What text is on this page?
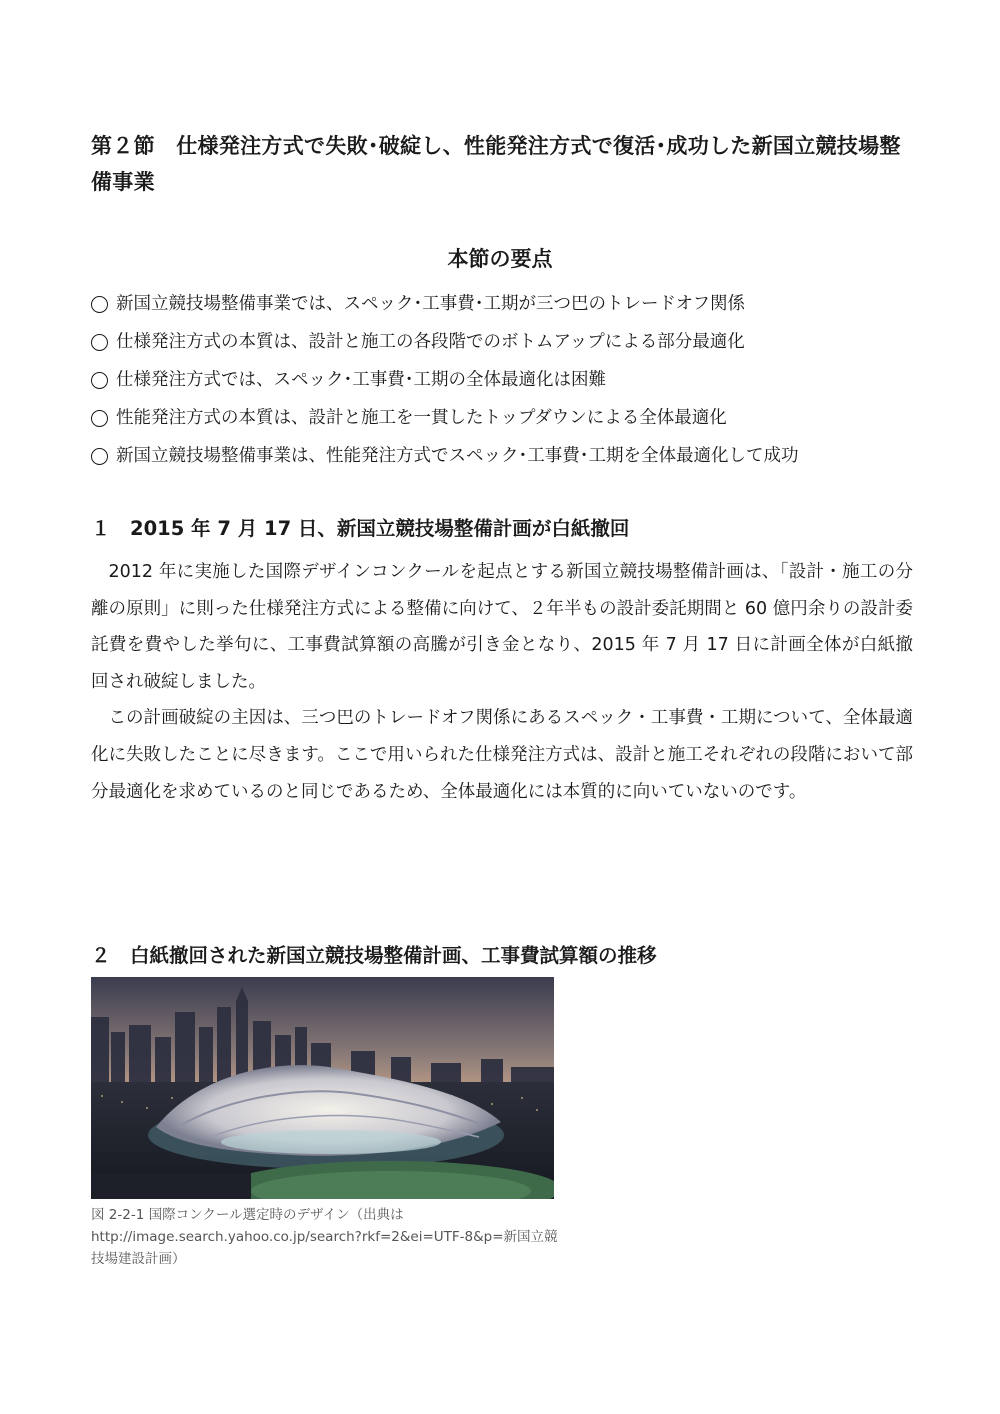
第２節　仕様発注方式で失敗･破綻し、性能発注方式で復活･成功した新国立競技場整備事業
本節の要点
新国立競技場整備事業では、スペック･工事費･工期が三つ巴のトレードオフ関係
仕様発注方式の本質は、設計と施工の各段階でのボトムアップによる部分最適化
仕様発注方式では、スペック･工事費･工期の全体最適化は困難
性能発注方式の本質は、設計と施工を一貫したトップダウンによる全体最適化
新国立競技場整備事業は、性能発注方式でスペック･工事費･工期を全体最適化して成功
１　2015 年 7 月 17 日、新国立競技場整備計画が白紙撤回

2012 年に実施した国際デザインコンクールを起点とする新国立競技場整備計画は、「設計・施工の分離の原則」に則った仕様発注方式による整備に向けて、２年半もの設計委託期間と 60 億円余りの設計委託費を費やした挙句に、工事費試算額の高騰が引き金となり、2015 年 7 月 17 日に計画全体が白紙撤回され破綻しました。

この計画破綻の主因は、三つ巴のトレードオフ関係にあるスペック・工事費・工期について、全体最適化に失敗したことに尽きます。ここで用いられた仕様発注方式は、設計と施工それぞれの段階において部分最適化を求めているのと同じであるため、全体最適化には本質的に向いていないのです。

２　白紙撤回された新国立競技場整備計画、工事費試算額の推移
図 2-2-1 国際コンクール選定時のデザイン（出典は http://image.search.yahoo.co.jp/search?rkf=2&ei=UTF-8&p=新国立競技場建設計画）
